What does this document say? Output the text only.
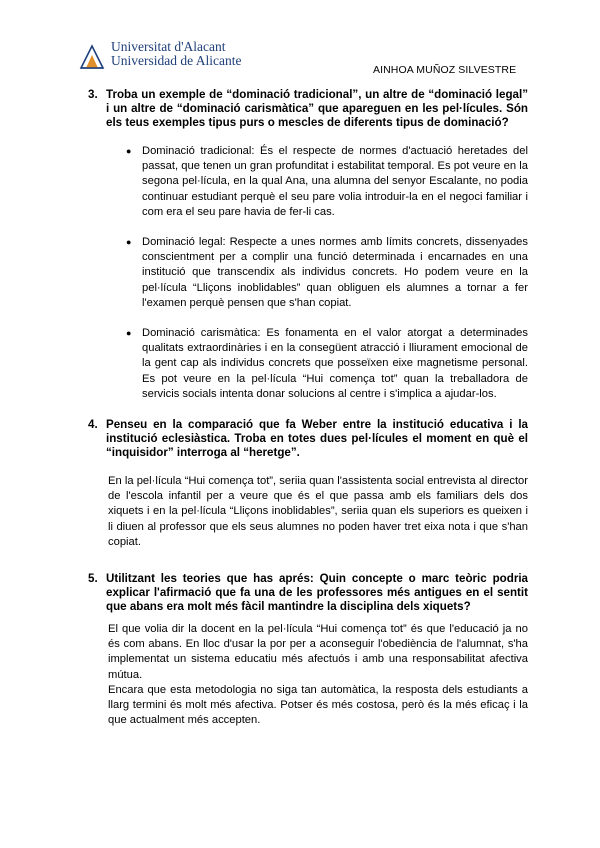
Universitat d'Alacant
Universidad de Alicante
AINHOA MUÑOZ SILVESTRE
3. Troba un exemple de “dominació tradicional”, un altre de “dominació legal” i un altre de “dominació carismàtica” que apareguen en les pel·lícules. Són els teus exemples tipus purs o mescles de diferents tipus de dominació?
● Dominació tradicional: És el respecte de normes d'actuació heretades del passat, que tenen un gran profunditat i estabilitat temporal. Es pot veure en la segona pel·lícula, en la qual Ana, una alumna del senyor Escalante, no podia continuar estudiant perquè el seu pare volia introduir-la en el negoci familiar i com era el seu pare havia de fer-li cas.
● Dominació legal: Respecte a unes normes amb límits concrets, dissenyades conscientment per a complir una funció determinada i encarnades en una institució que transcendix als individus concrets. Ho podem veure en la pel·lícula “Lliçons inoblidables” quan obliguen els alumnes a tornar a fer l'examen perquè pensen que s'han copiat.
● Dominació carismàtica: Es fonamenta en el valor atorgat a determinades qualitats extraordinàries i en la consegüent atracció i lliurament emocional de la gent cap als individus concrets que posseïxen eixe magnetisme personal. Es pot veure en la pel·lícula “Hui comença tot” quan la treballadora de servicis socials intenta donar solucions al centre i s'implica a ajudar-los.
4. Penseu en la comparació que fa Weber entre la institució educativa i la institució eclesiàstica. Troba en totes dues pel·lícules el moment en què el “inquisidor” interroga al “heretge”.
En la pel·lícula “Hui comença tot”, seriia quan l'assistenta social entrevista al director de l'escola infantil per a veure que és el que passa amb els familiars dels dos xiquets i en la pel·lícula “Lliçons inoblidables”, seriia quan els superiors es queixen i li diuen al professor que els seus alumnes no poden haver tret eixa nota i que s'han copiat.
5. Utilitzant les teories que has aprés: Quin concepte o marc teòric podria explicar l'afirmació que fa una de les professores més antigues en el sentit que abans era molt més fàcil mantindre la disciplina dels xiquets?

El que volia dir la docent en la pel·lícula “Hui comença tot” és que l'educació ja no és com abans. En lloc d'usar la por per a aconseguir l'obediència de l'alumnat, s'ha implementat un sistema educatiu més afectuós i amb una responsabilitat afectiva mútua.

Encara que esta metodologia no siga tan automàtica, la resposta dels estudiants a llarg termini és molt més afectiva. Potser és més costosa, però és la més eficaç i la que actualment més accepten.
